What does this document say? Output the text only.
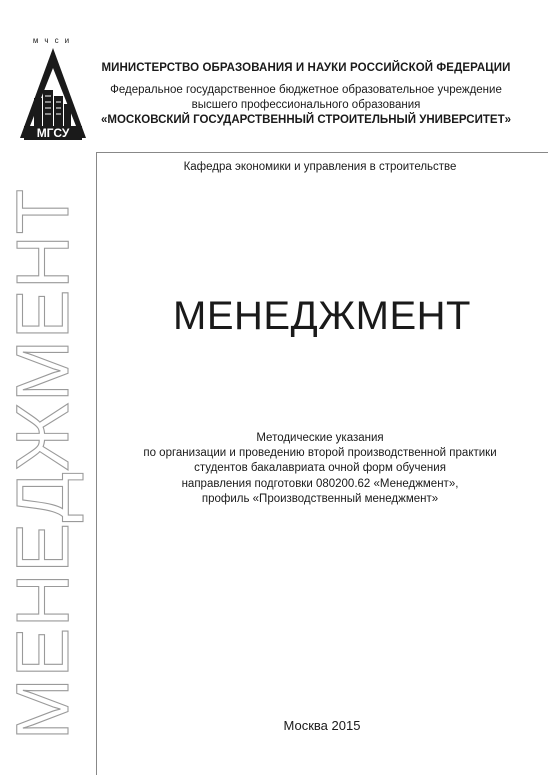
мчси
МГСУ
МИНИСТЕРСТВО ОБРАЗОВАНИЯ И НАУКИ РОССИЙСКОЙ ФЕДЕРАЦИИ
Федеральное государственное бюджетное образовательное учреждение
высшего профессионального образования
«МОСКОВСКИЙ ГОСУДАРСТВЕННЫЙ СТРОИТЕЛЬНЫЙ УНИВЕРСИТЕТ»
Кафедра экономики и управления в строительстве
МЕНЕДЖМЕНТ	МЕНЕДЖМЕНТ
Методические указания
по организации и проведению второй производственной практики
студентов бакалавриата очной форм обучения
направления подготовки 080200.62 «Менеджмент»,
профиль «Производственный менеджмент»
Москва 2015
